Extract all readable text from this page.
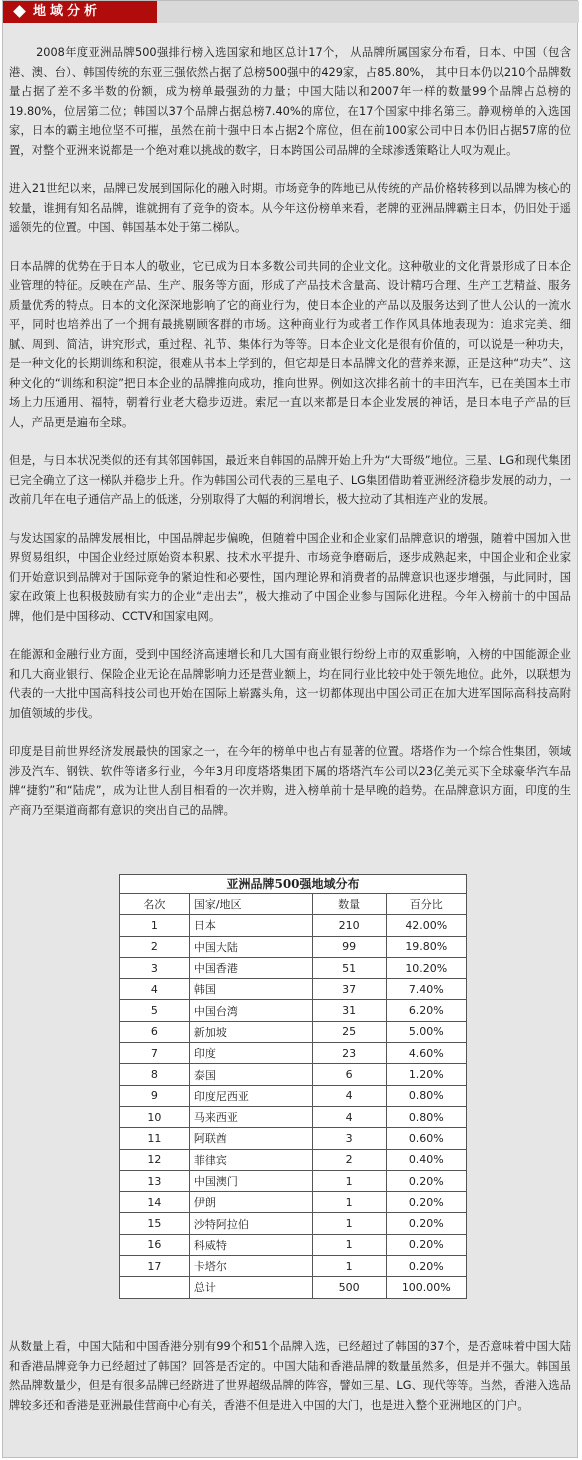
地域分析

2008年度亚洲品牌500强排行榜入选国家和地区总计17个， 从品牌所属国家分布看，日本、中国（包含港、澳、台）、韩国传统的东亚三强依然占据了总榜500强中的429家，占85.80%， 其中日本仍以210个品牌数量占据了差不多半数的份额，成为榜单最强劲的力量；中国大陆以和2007年一样的数量99个品牌占总榜的19.80%，位居第二位；韩国以37个品牌占据总榜7.40%的席位，在17个国家中排名第三。静观榜单的入选国家，日本的霸主地位坚不可摧，虽然在前十强中日本占据2个席位，但在前100家公司中日本仍旧占据57席的位置，对整个亚洲来说都是一个绝对难以挑战的数字，日本跨国公司品牌的全球渗透策略让人叹为观止。

进入21世纪以来，品牌已发展到国际化的融入时期。市场竞争的阵地已从传统的产品价格转移到以品牌为核心的较量，谁拥有知名品牌，谁就拥有了竞争的资本。从今年这份榜单来看，老牌的亚洲品牌霸主日本，仍旧处于遥遥领先的位置。中国、韩国基本处于第二梯队。

日本品牌的优势在于日本人的敬业，它已成为日本多数公司共同的企业文化。这种敬业的文化背景形成了日本企业管理的特征。反映在产品、生产、服务等方面，形成了产品技术含量高、设计精巧合理、生产工艺精益、服务质量优秀的特点。日本的文化深深地影响了它的商业行为，使日本企业的产品以及服务达到了世人公认的一流水平，同时也培养出了一个拥有最挑剔顾客群的市场。这种商业行为或者工作作风具体地表现为：追求完美、细腻、周到、简洁，讲究形式，重过程、礼节、集体行为等等。日本企业文化是很有价值的，可以说是一种功夫，是一种文化的长期训练和积淀，很难从书本上学到的，但它却是日本品牌文化的营养来源，正是这种“功夫”、这种文化的“训练和积淀”把日本企业的品牌推向成功，推向世界。例如这次排名前十的丰田汽车，已在美国本土市场上力压通用、福特，朝着行业老大稳步迈进。索尼一直以来都是日本企业发展的神话，是日本电子产品的巨人，产品更是遍布全球。

但是，与日本状况类似的还有其邻国韩国，最近来自韩国的品牌开始上升为“大哥级”地位。三星、LG和现代集团已完全确立了这一梯队并稳步上升。作为韩国公司代表的三星电子、LG集团借助着亚洲经济稳步发展的动力，一改前几年在电子通信产品上的低迷，分别取得了大幅的利润增长，极大拉动了其相连产业的发展。

与发达国家的品牌发展相比，中国品牌起步偏晚，但随着中国企业和企业家们品牌意识的增强，随着中国加入世界贸易组织，中国企业经过原始资本积累、技术水平提升、市场竞争磨砺后，逐步成熟起来，中国企业和企业家们开始意识到品牌对于国际竞争的紧迫性和必要性，国内理论界和消费者的品牌意识也逐步增强，与此同时，国家在政策上也积极鼓励有实力的企业“走出去”，极大推动了中国企业参与国际化进程。今年入榜前十的中国品牌，他们是中国移动、CCTV和国家电网。

在能源和金融行业方面，受到中国经济高速增长和几大国有商业银行纷纷上市的双重影响，入榜的中国能源企业和几大商业银行、保险企业无论在品牌影响力还是营业额上，均在同行业比较中处于领先地位。此外，以联想为代表的一大批中国高科技公司也开始在国际上崭露头角，这一切都体现出中国公司正在加大进军国际高科技高附加值领域的步伐。

印度是目前世界经济发展最快的国家之一，在今年的榜单中也占有显著的位置。塔塔作为一个综合性集团，领域涉及汽车、钢铁、软件等诸多行业，今年3月印度塔塔集团下属的塔塔汽车公司以23亿美元买下全球豪华汽车品牌“捷豹”和“陆虎”，成为让世人刮目相看的一次并购，进入榜单前十是早晚的趋势。在品牌意识方面，印度的生产商乃至渠道商都有意识的突出自己的品牌。

亚洲品牌500强地域分布
名次	国家/地区	数量	百分比
1	日本	210	42.00%
2	中国大陆	99	19.80%
3	中国香港	51	10.20%
4	韩国	37	7.40%
5	中国台湾	31	6.20%
6	新加坡	25	5.00%
7	印度	23	4.60%
8	泰国	6	1.20%
9	印度尼西亚	4	0.80%
10	马来西亚	4	0.80%
11	阿联酋	3	0.60%
12	菲律宾	2	0.40%
13	中国澳门	1	0.20%
14	伊朗	1	0.20%
15	沙特阿拉伯	1	0.20%
16	科威特	1	0.20%
17	卡塔尔	1	0.20%
	总计	500	100.00%
从数量上看，中国大陆和中国香港分别有99个和51个品牌入选，已经超过了韩国的37个，是否意味着中国大陆和香港品牌竞争力已经超过了韩国？回答是否定的。中国大陆和香港品牌的数量虽然多，但是并不强大。韩国虽然品牌数量少，但是有很多品牌已经跻进了世界超级品牌的阵容，譬如三星、LG、现代等等。当然，香港入选品牌较多还和香港是亚洲最佳营商中心有关，香港不但是进入中国的大门，也是进入整个亚洲地区的门户。
